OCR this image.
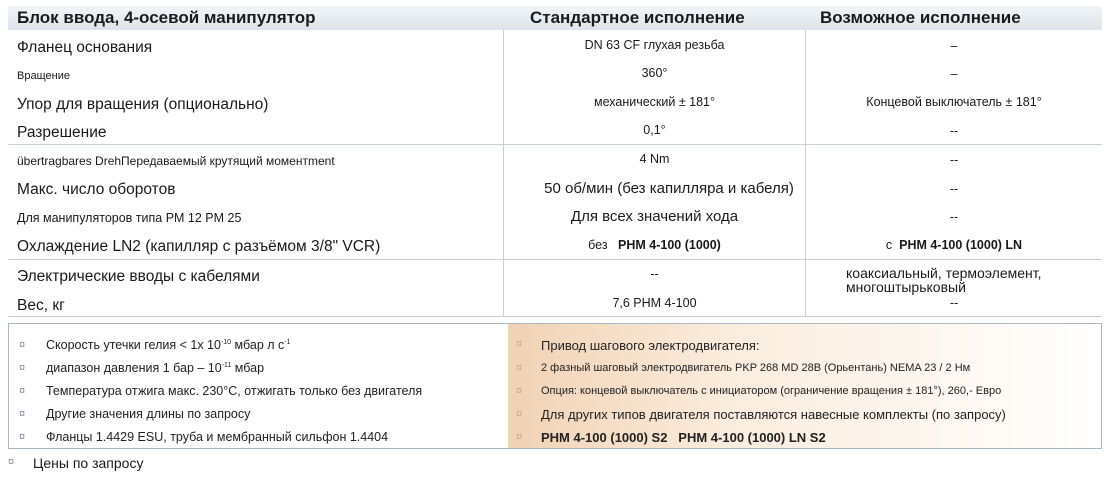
Блок ввода, 4-осевой манипулятор	Стандартное исполнение	Возможное исполнение
Фланец основания	DN 63 CF глухая резьба	–
Вращение	360°	–
Упор для вращения (опционально)	механический ± 181°	Концевой выключатель ± 181°
Разрешение	0,1°	--
übertragbares DrehПередаваемый крутящий моментment	4 Nm	--
Макс. число оборотов	50 об/мин (без капилляра и кабеля)	--
Для манипуляторов типа PM 12 PM 25	Для всех значений хода	--
Охлаждение LN2 (капилляр с разъёмом 3/8" VCR)	без PHM 4-100 (1000)	с PHM 4-100 (1000) LN
Электрические вводы с кабелями	--	коаксиальный, термоэлемент,
многоштырьковый
Вес, кг	7,6 PHM 4-100	--
¤ Скорость утечки гелия < 1x $10^{-10}$ мбар л $с^{-1}$
¤ диапазон давления 1 бар – $10^{-11}$ мбар
¤ Температура отжига макс. 230°C, отжигать только без двигателя
¤ Другие значения длины по запросу
¤ Фланцы 1.4429 ESU, труба и мембранный сильфон 1.4404
¤ Привод шагового электродвигателя:
¤ 2 фазный шаговый электродвигатель PKP 268 MD 28B (Орьентань) NEMA 23 / 2 Нм
¤ Опция: концевой выключатель с инициатором (ограничение вращения ± 181°), 260,- Евро
¤ Для других типов двигателя поставляются навесные комплекты (по запросу)
¤ PHM 4-100 (1000) S2 PHM 4-100 (1000) LN S2
¤ Цены по запросу
